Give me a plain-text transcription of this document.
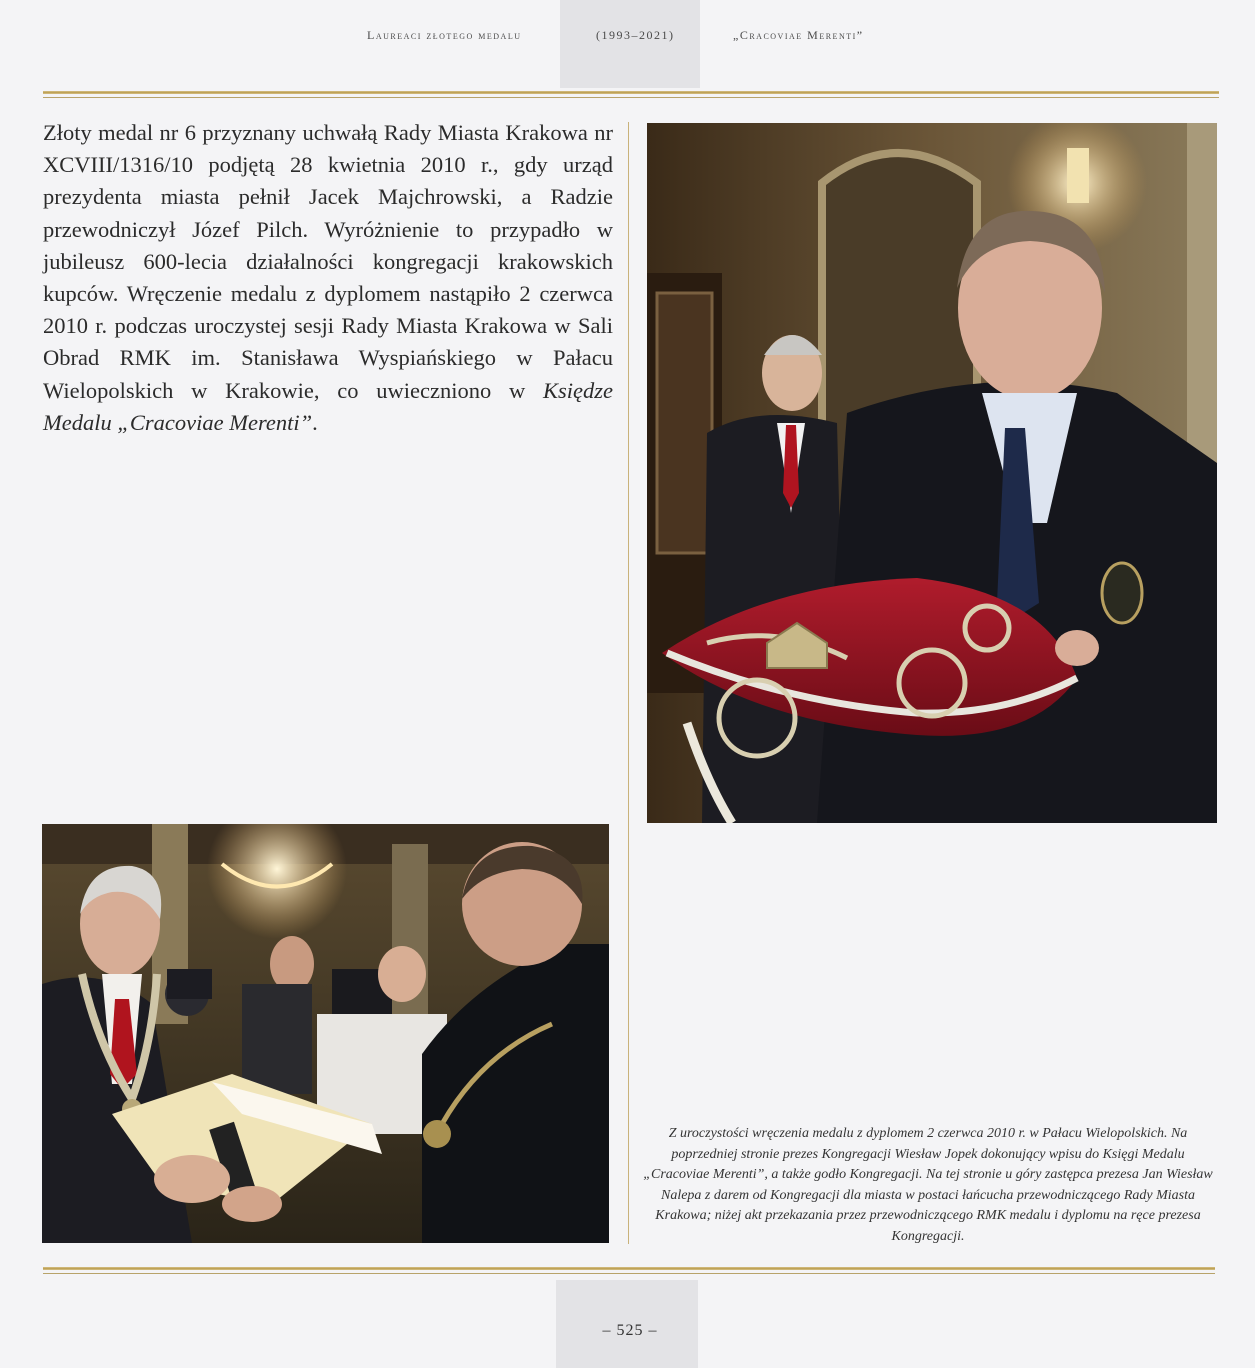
Laureaci złotego medalu	(1993–2021)	„Cracoviae Merenti”

Złoty medal nr 6 przyznany uchwałą Rady Miasta Krakowa nr XCVIII/1316/10 podjętą 28 kwietnia 2010 r., gdy urząd prezydenta miasta pełnił Jacek Majchrowski, a Radzie przewodniczył Józef Pilch. Wyróżnienie to przypadło w jubileusz 600-lecia działalności kongregacji krakowskich kupców. Wręczenie medalu z dyplomem nastąpiło 2 czerwca 2010 r. podczas uroczystej sesji Rady Miasta Krakowa w Sali Obrad RMK im. Stanisława Wyspiańskiego w Pałacu Wielopolskich w Krakowie, co uwieczniono w Księdze Medalu „Cracoviae Merenti”.

Z uroczystości wręczenia medalu z dyplomem 2 czerwca 2010 r. w Pałacu Wielopolskich. Na poprzedniej stronie prezes Kongregacji Wiesław Jopek dokonujący wpisu do Księgi Medalu „Cracoviae Merenti”, a także godło Kongregacji. Na tej stronie u góry zastępca prezesa Jan Wiesław Nalepa z darem od Kongregacji dla miasta w postaci łańcucha przewodniczącego Rady Miasta Krakowa; niżej akt przekazania przez przewodniczącego RMK medalu i dyplomu na ręce prezesa Kongregacji.

– 525 –
